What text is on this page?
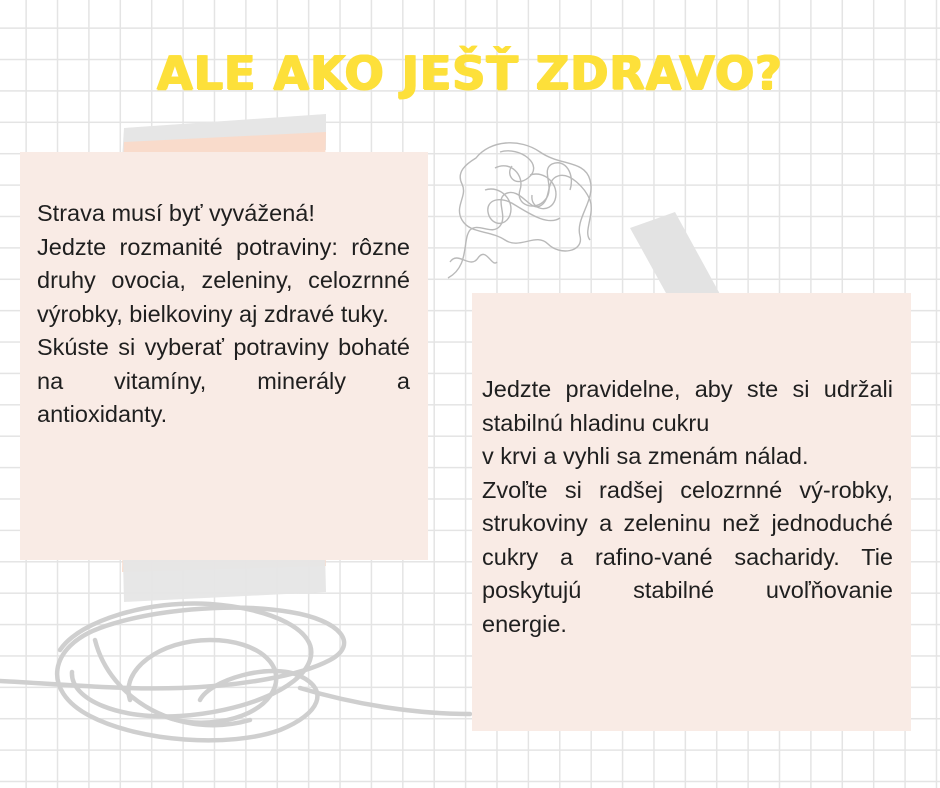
ALE AKO JEŠŤ ZDRAVO?

Strava musí byť vyvážená!

Jedzte rozmanité potraviny: rôzne druhy ovocia, zeleniny, celozrnné výrobky, bielkoviny aj zdravé tuky.

Skúste si vyberať potraviny bohaté na vitamíny, minerály a antioxidanty.

Jedzte pravidelne, aby ste si udržali stabilnú hladinu cukru

v krvi a vyhli sa zmenám nálad.

Zvoľte si radšej celozrnné vý-robky, strukoviny a zeleninu než jednoduché cukry a rafino-vané sacharidy. Tie poskytujú stabilné uvoľňovanie energie.
